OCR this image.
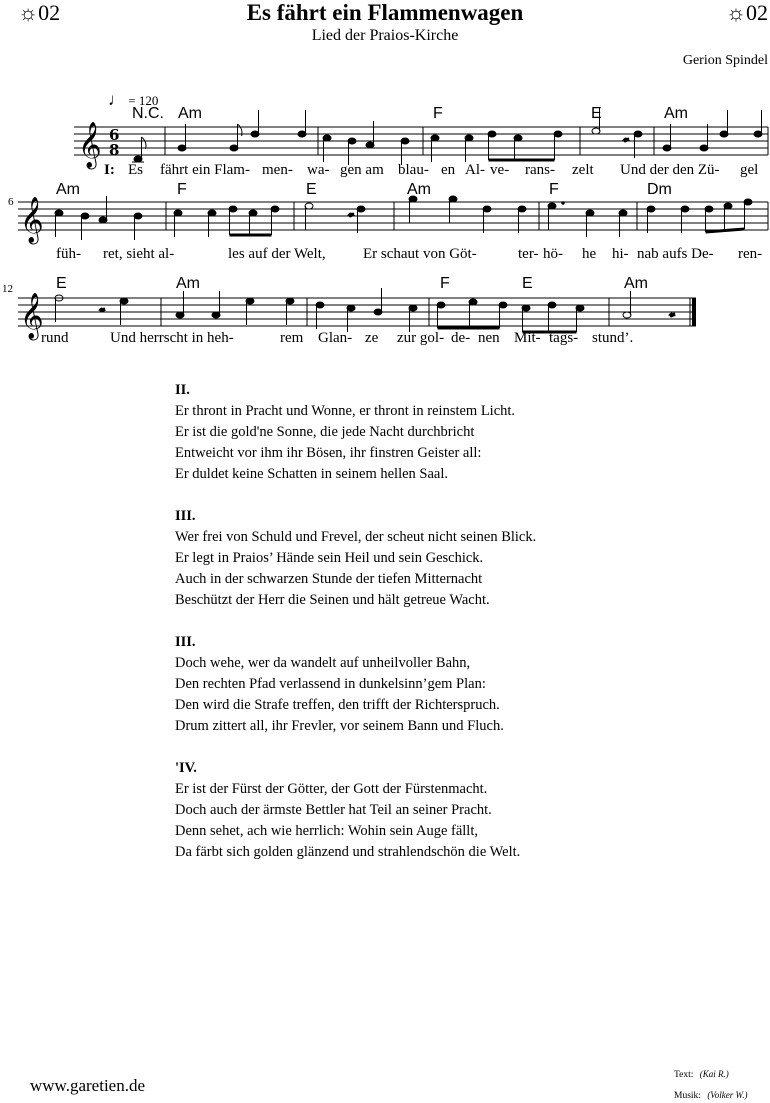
☼02	Es fährt ein Flammenwagen	☼02
Lied der Praios-Kirche
Gerion Spindel
♩ = 120
𝄞 6
8
𝓿
N.C. Am	F	E	Am
I: Es fährt ein Flam- men- wa- gen am blau- en Al- ve- rans- zelt Und der den Zü- gel
6 𝄞	𝓿
Am	F	E	Am	F	Dm
füh- ret, sieht al-	les auf der Welt, Er schaut von Göt-	ter- hö- he hi- nab aufs De- ren-
12
𝄞	𝓿	𝓿
E	Am	F	E	Am
rund	Und herrscht in heh-	rem Glan- ze zur gol- de- nen Mit- tags- stund’.
II.
Er thront in Pracht und Wonne, er thront in reinstem Licht.
Er ist die gold'ne Sonne, die jede Nacht durchbricht
Entweicht vor ihm ihr Bösen, ihr finstren Geister all:
Er duldet keine Schatten in seinem hellen Saal.
III.
Wer frei von Schuld und Frevel, der scheut nicht seinen Blick.
Er legt in Praios’ Hände sein Heil und sein Geschick.
Auch in der schwarzen Stunde der tiefen Mitternacht
Beschützt der Herr die Seinen und hält getreue Wacht.
III.
Doch wehe, wer da wandelt auf unheilvoller Bahn,
Den rechten Pfad verlassend in dunkelsinn’gem Plan:
Den wird die Strafe treffen, den trifft der Richterspruch.
Drum zittert all, ihr Frevler, vor seinem Bann und Fluch.
'IV.
Er ist der Fürst der Götter, der Gott der Fürstenmacht.
Doch auch der ärmste Bettler hat Teil an seiner Pracht.
Denn sehet, ach wie herrlich: Wohin sein Auge fällt,
Da färbt sich golden glänzend und strahlendschön die Welt.
www.garetien.de
Text: (Kai R.)
Musik: (Volker W.)
